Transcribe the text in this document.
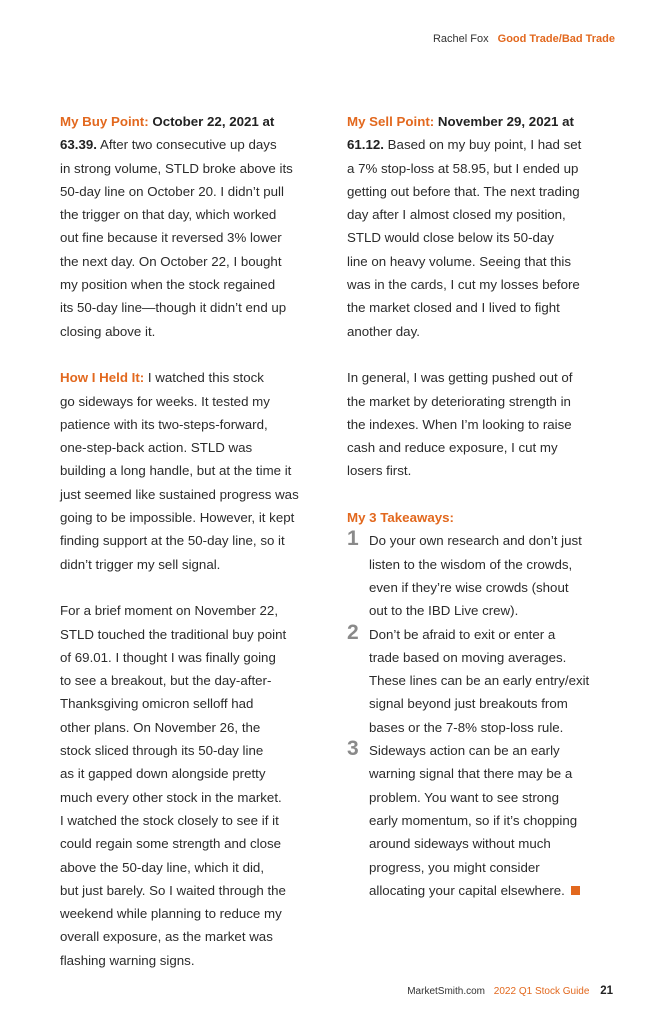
Rachel Fox Good Trade/Bad Trade

My Buy Point: October 22, 2021 at

63.39. After two consecutive up days

in strong volume, STLD broke above its

50-day line on October 20. I didn’t pull

the trigger on that day, which worked

out fine because it reversed 3% lower

the next day. On October 22, I bought

my position when the stock regained

its 50-day line—though it didn’t end up

closing above it.

How I Held It: I watched this stock

go sideways for weeks. It tested my

patience with its two-steps-forward,

one-step-back action. STLD was

building a long handle, but at the time it

just seemed like sustained progress was

going to be impossible. However, it kept

finding support at the 50-day line, so it

didn’t trigger my sell signal.

For a brief moment on November 22,

STLD touched the traditional buy point

of 69.01. I thought I was finally going

to see a breakout, but the day-after-

Thanksgiving omicron selloff had

other plans. On November 26, the

stock sliced through its 50-day line

as it gapped down alongside pretty

much every other stock in the market.

I watched the stock closely to see if it

could regain some strength and close

above the 50-day line, which it did,

but just barely. So I waited through the

weekend while planning to reduce my

overall exposure, as the market was

flashing warning signs.

My Sell Point: November 29, 2021 at

61.12. Based on my buy point, I had set

a 7% stop-loss at 58.95, but I ended up

getting out before that. The next trading

day after I almost closed my position,

STLD would close below its 50-day

line on heavy volume. Seeing that this

was in the cards, I cut my losses before

the market closed and I lived to fight

another day.

In general, I was getting pushed out of

the market by deteriorating strength in

the indexes. When I’m looking to raise

cash and reduce exposure, I cut my

losers first.

My 3 Takeaways:

1 Do your own research and don’t just

listen to the wisdom of the crowds,

even if they’re wise crowds (shout

out to the IBD Live crew).

2 Don’t be afraid to exit or enter a

trade based on moving averages.

These lines can be an early entry/exit

signal beyond just breakouts from

bases or the 7-8% stop-loss rule.

3 Sideways action can be an early

warning signal that there may be a

problem. You want to see strong

early momentum, so if it’s chopping

around sideways without much

progress, you might consider

allocating your capital elsewhere.

MarketSmith.com 2022 Q1 Stock Guide 21
